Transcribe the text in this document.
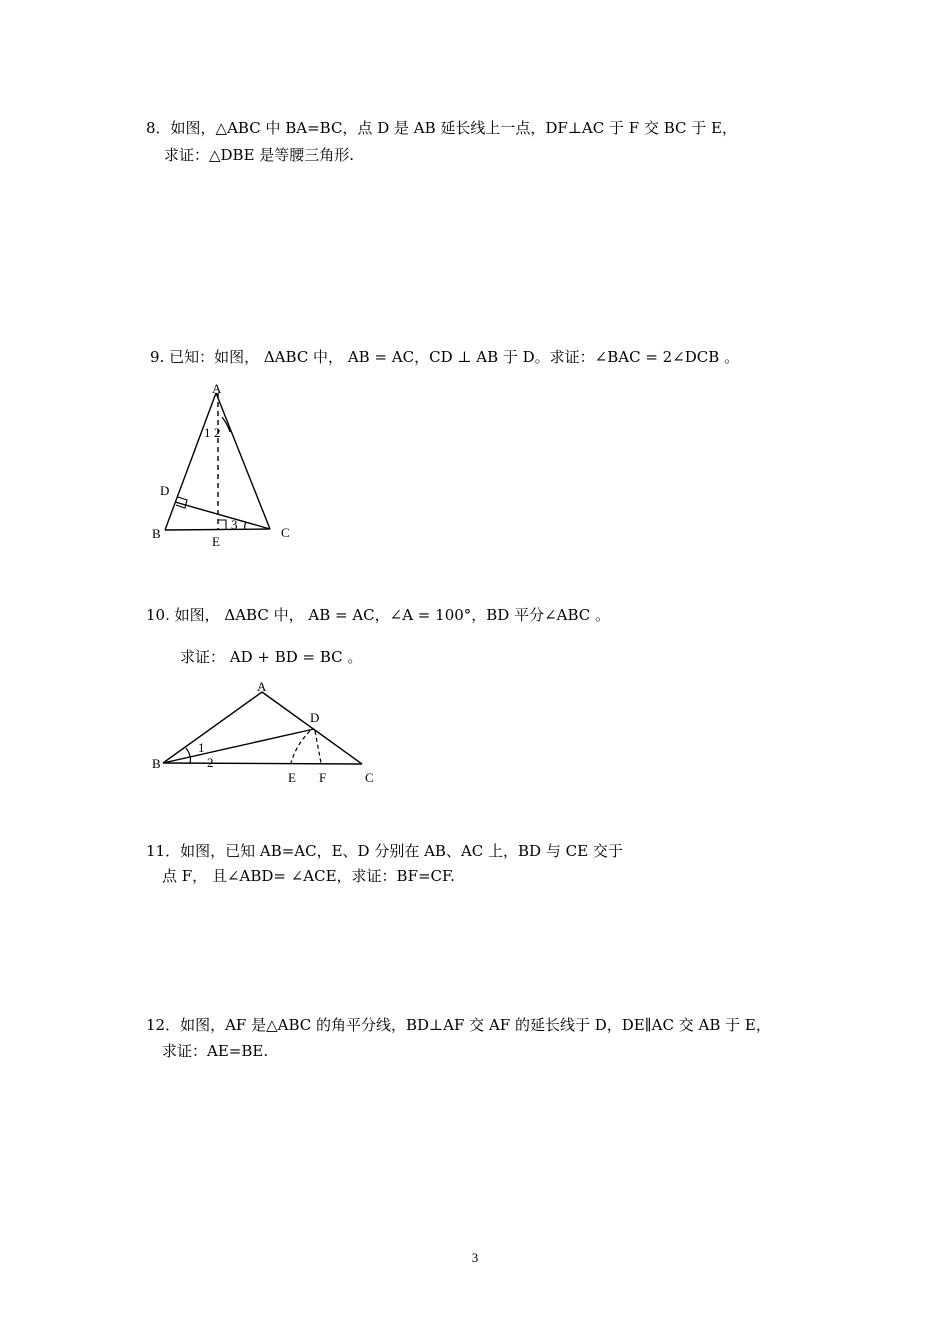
8．如图，△ABC 中 BA=BC，点 D 是 AB 延长线上一点，DF⊥AC 于 F 交 BC 于 E，
求证：△DBE 是等腰三角形.
9. 已知：如图， ΔABC 中， AB = AC，CD ⊥ AB 于 D。求证：∠BAC = 2∠DCB 。
A
1 2
D
3
B	C
E
10. 如图， ΔABC 中， AB = AC，∠A = 100°，BD 平分∠ABC 。
求证： AD + BD = BC 。
A
D
1
2
B
E F	C
11．如图，已知 AB=AC，E、D 分别在 AB、AC 上，BD 与 CE 交于
点 F， 且∠ABD= ∠ACE，求证：BF=CF.
12．如图，AF 是△ABC 的角平分线，BD⊥AF 交 AF 的延长线于 D，DE∥AC 交 AB 于 E，
求证：AE=BE.
3
